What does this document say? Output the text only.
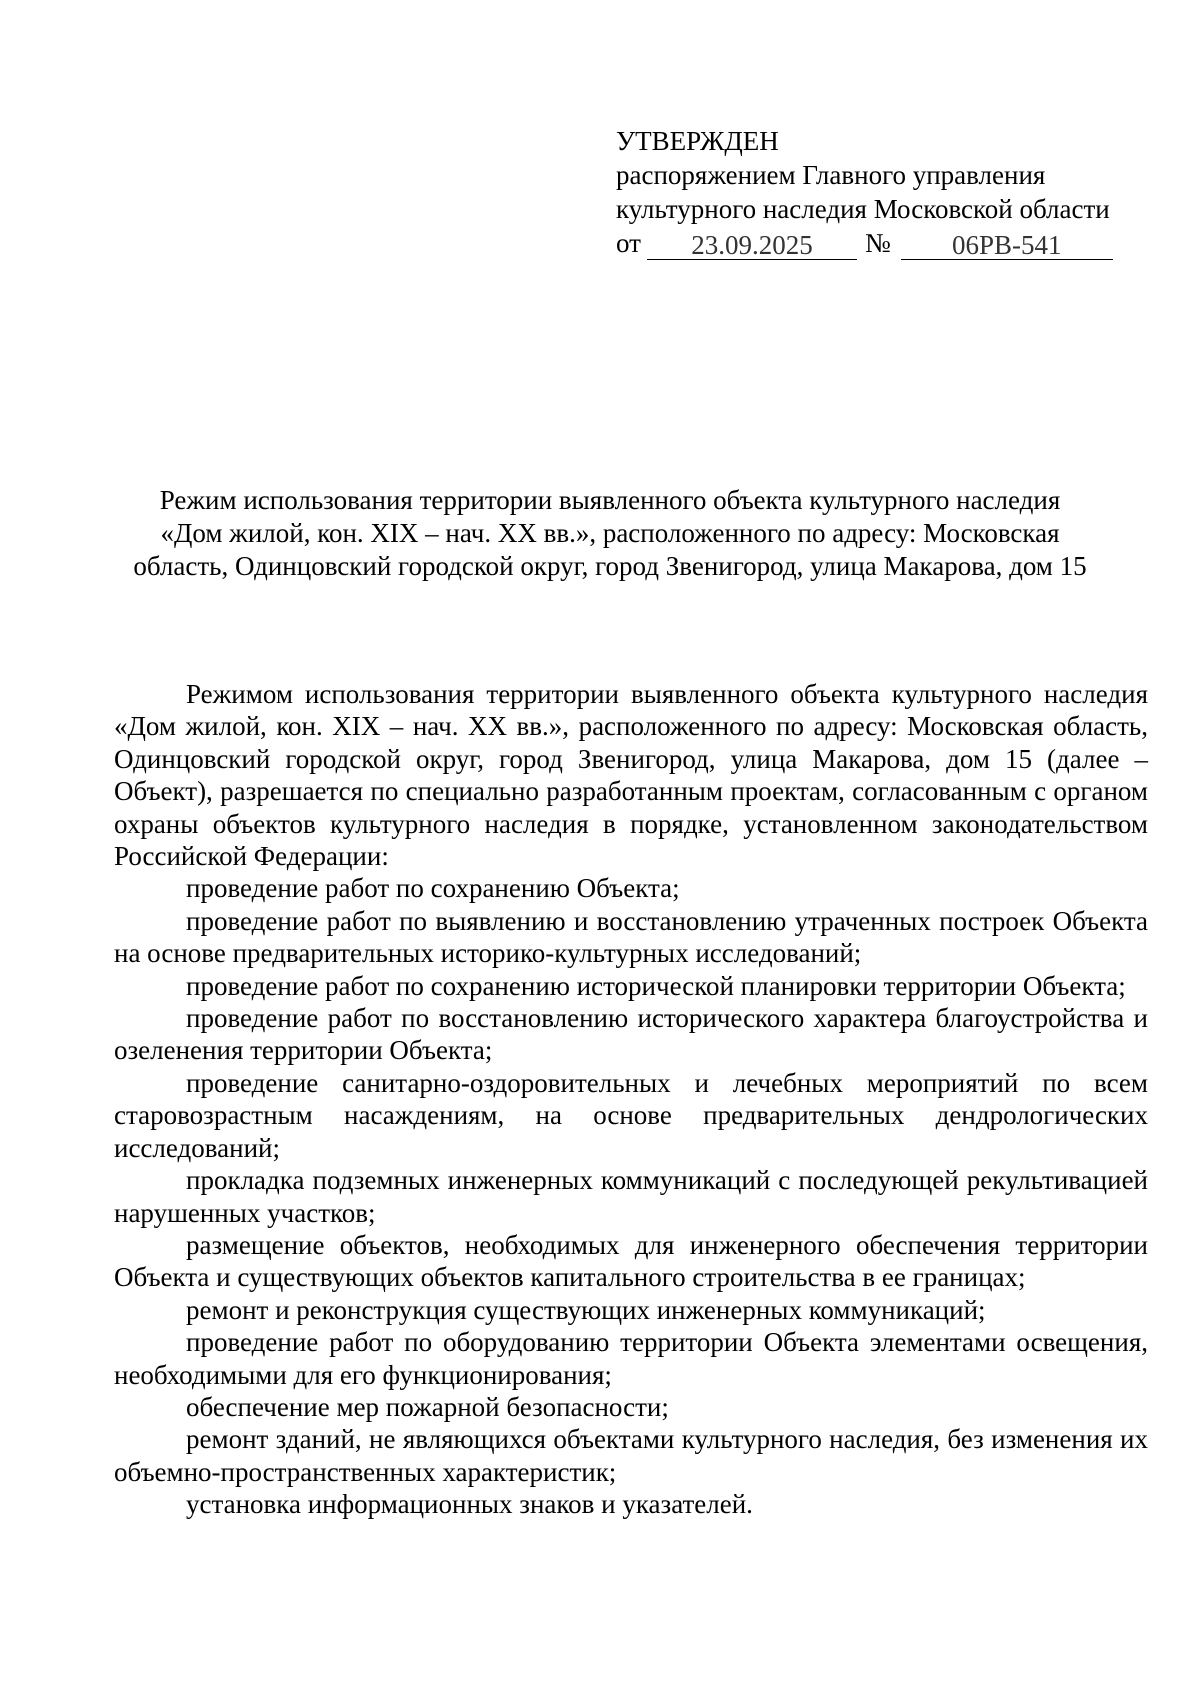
УТВЕРЖДЕН
распоряжением Главного управления
культурного наследия Московской области
от	23.09.2025	№	06РВ-541
Режим использования территории выявленного объекта культурного наследия
«Дом жилой, кон. XIX – нач. XX вв.», расположенного по адресу: Московская
область, Одинцовский городской округ, город Звенигород, улица Макарова, дом 15

Режимом использования территории выявленного объекта культурного наследия «Дом жилой, кон. XIX – нач. XX вв.», расположенного по адресу: Московская область, Одинцовский городской округ, город Звенигород, улица Макарова, дом 15 (далее – Объект), разрешается по специально разработанным проектам, согласованным с органом охраны объектов культурного наследия в порядке, установленном законодательством Российской Федерации:

проведение работ по сохранению Объекта;

проведение работ по выявлению и восстановлению утраченных построек Объекта на основе предварительных историко-культурных исследований;

проведение работ по сохранению исторической планировки территории Объекта;

проведение работ по восстановлению исторического характера благоустройства и озеленения территории Объекта;

проведение санитарно-оздоровительных и лечебных мероприятий по всем старовозрастным насаждениям, на основе предварительных дендрологических исследований;

прокладка подземных инженерных коммуникаций с последующей рекультивацией нарушенных участков;

размещение объектов, необходимых для инженерного обеспечения территории Объекта и существующих объектов капитального строительства в ее границах;

ремонт и реконструкция существующих инженерных коммуникаций;

проведение работ по оборудованию территории Объекта элементами освещения, необходимыми для его функционирования;

обеспечение мер пожарной безопасности;

ремонт зданий, не являющихся объектами культурного наследия, без изменения их объемно-пространственных характеристик;

установка информационных знаков и указателей.
